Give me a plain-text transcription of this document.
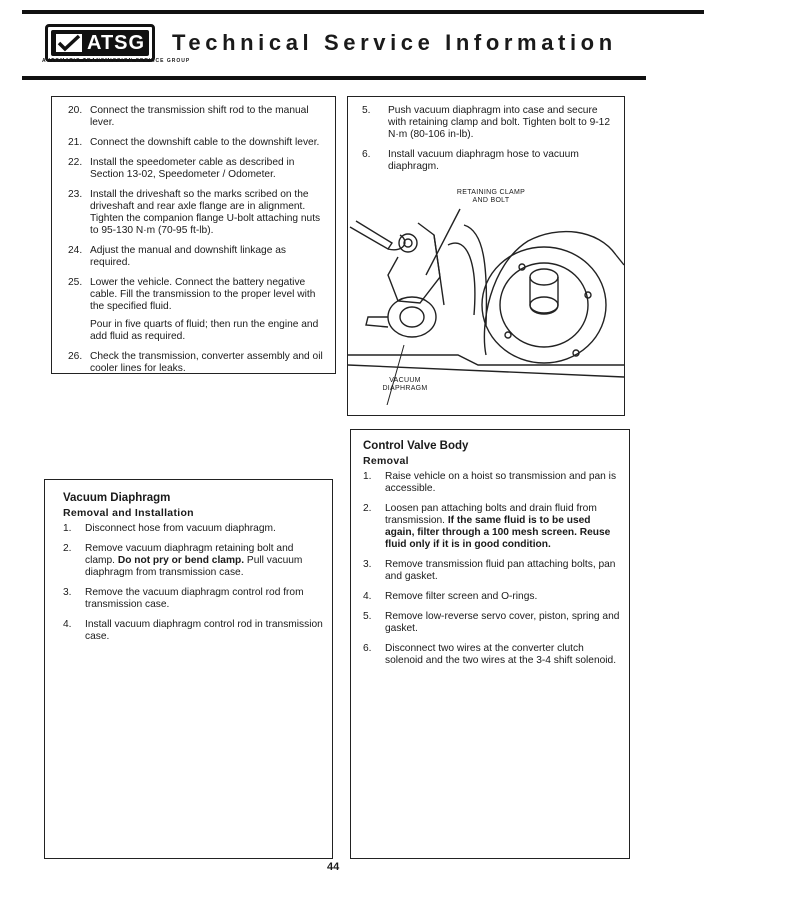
ATSG
AUTOMATIC TRANSMISSION SERVICE GROUP
Technical Service Information
20. Connect the transmission shift rod to the manual lever.
21. Connect the downshift cable to the downshift lever.
22. Install the speedometer cable as described in Section 13-02, Speedometer / Odometer.
23. Install the driveshaft so the marks scribed on the driveshaft and rear axle flange are in alignment. Tighten the companion flange U-bolt attaching nuts to 95-130 N·m (70-95 ft-lb).
24. Adjust the manual and downshift linkage as required.
25. Lower the vehicle. Connect the battery negative cable. Fill the transmission to the proper level with the specified fluid.
Pour in five quarts of fluid; then run the engine and add fluid as required.
26. Check the transmission, converter assembly and oil cooler lines for leaks.
5.	Push vacuum diaphragm into case and secure with retaining clamp and bolt. Tighten bolt to 9-12 N·m (80-106 in-lb).
6.	Install vacuum diaphragm hose to vacuum diaphragm.
RETAINING CLAMP
AND BOLT
VACUUM
DIAPHRAGM
Vacuum Diaphragm
Removal and Installation
1.	Disconnect hose from vacuum diaphragm.
2.	Remove vacuum diaphragm retaining bolt and clamp. Do not pry or bend clamp. Pull vacuum diaphragm from transmission case.
3.	Remove the vacuum diaphragm control rod from transmission case.
4.	Install vacuum diaphragm control rod in transmission case.
Control Valve Body
Removal
1.	Raise vehicle on a hoist so transmission and pan is accessible.
2.	Loosen pan attaching bolts and drain fluid from transmission. If the same fluid is to be used again, filter through a 100 mesh screen. Reuse fluid only if it is in good condition.
3.	Remove transmission fluid pan attaching bolts, pan and gasket.
4.	Remove filter screen and O-rings.
5.	Remove low-reverse servo cover, piston, spring and gasket.
6.	Disconnect two wires at the converter clutch solenoid and the two wires at the 3-4 shift solenoid.
44
